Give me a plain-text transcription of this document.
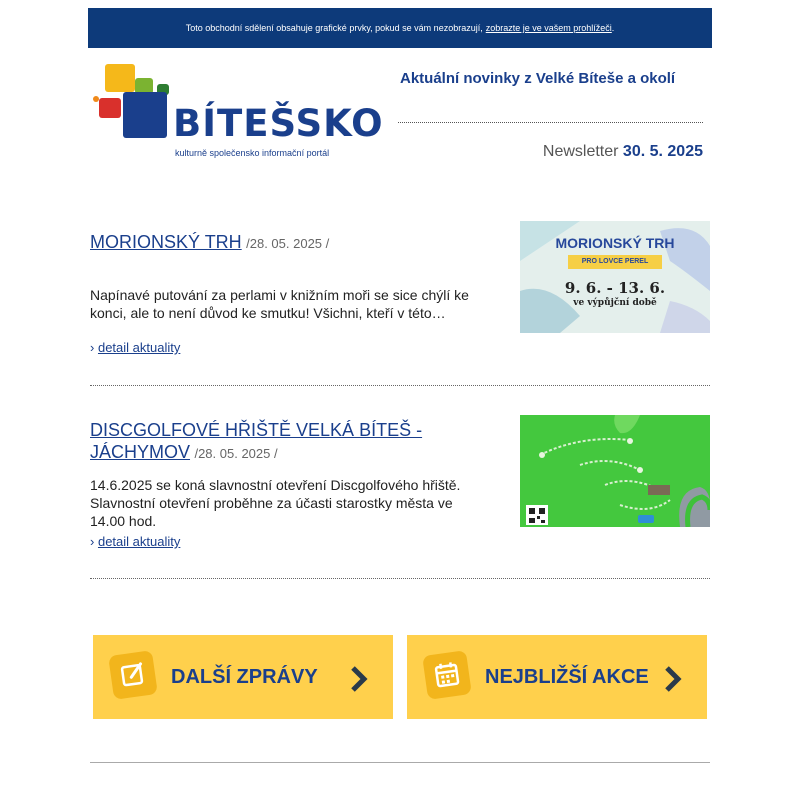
Toto obchodní sdělení obsahuje grafické prvky, pokud se vám nezobrazují, zobrazte je ve vašem prohlížeči .
BÍTEŠSKO
kulturně společensko informační portál
Aktuální novinky z Velké Bíteše a okolí
Newsletter 30. 5. 2025
MORIONSKÝ TRH /28. 05. 2025 /
Napínavé putování za perlami v knižním moři se sice chýlí ke konci, ale to není důvod ke smutku! Všichni, kteří v této…
› detail aktuality
MORIONSKÝ TRH
PRO LOVCE PEREL
9. 6. - 13. 6.
ve výpůjční době
DISCGOLFOVÉ HŘIŠTĚ VELKÁ BÍTEŠ - JÁCHYMOV /28. 05. 2025 /
14.6.2025 se koná slavnostní otevření Discgolfového hřiště. Slavnostní otevření proběhne za účasti starostky města ve 14.00 hod.
› detail aktuality
DALŠÍ ZPRÁVY	NEJBLIŽŠÍ AKCE
